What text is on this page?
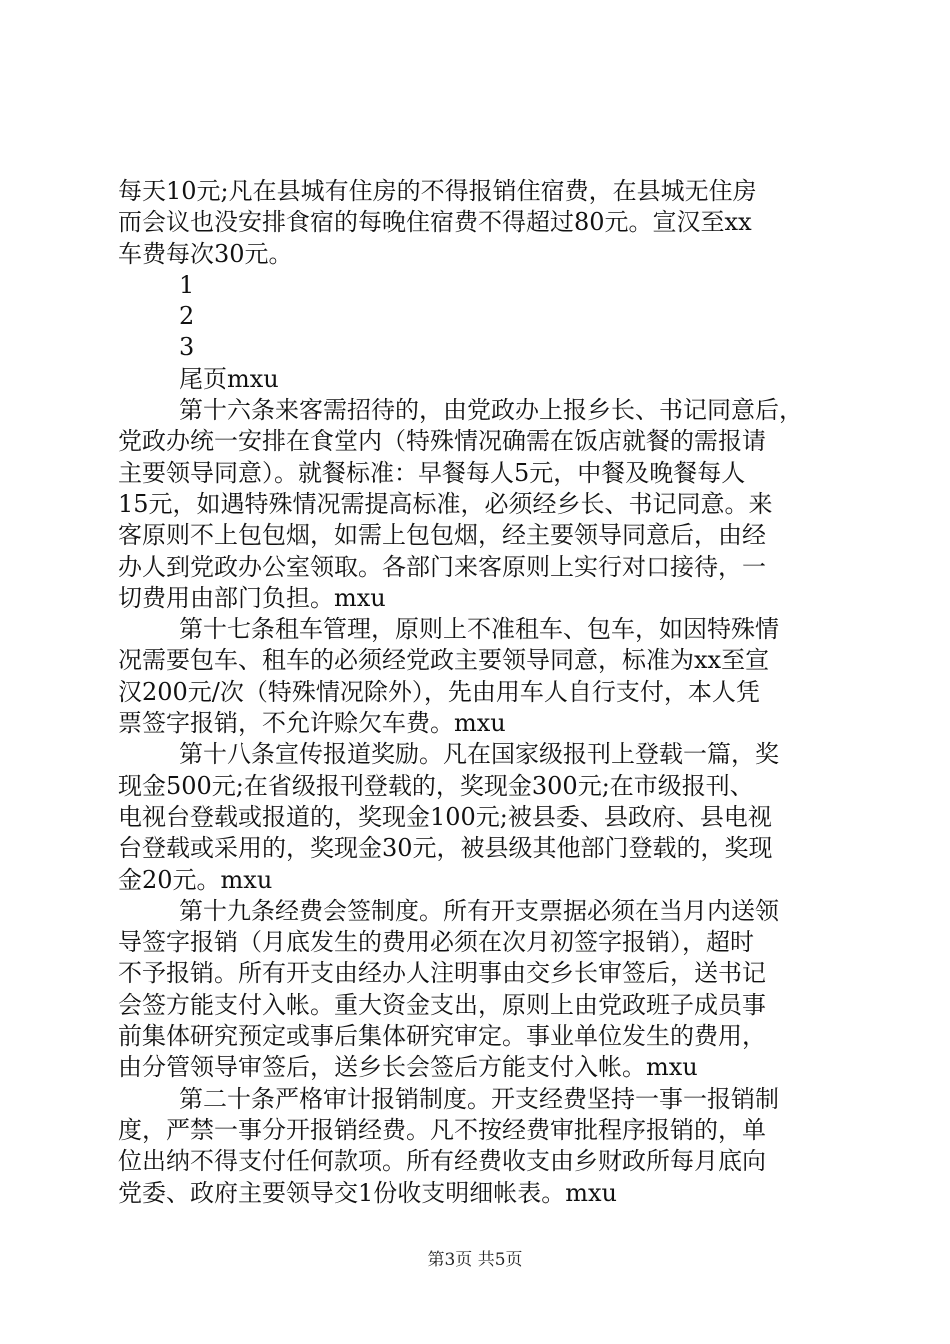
每天10元;凡在县城有住房的不得报销住宿费，在县城无住房
而会议也没安排食宿的每晚住宿费不得超过80元。宣汉至xx
车费每次30元。
1
2
3
尾页mxu
第十六条来客需招待的，由党政办上报乡长、书记同意后，
党政办统一安排在食堂内（特殊情况确需在饭店就餐的需报请
主要领导同意）。就餐标准：早餐每人5元，中餐及晚餐每人
15元，如遇特殊情况需提高标准，必须经乡长、书记同意。来
客原则不上包包烟，如需上包包烟，经主要领导同意后，由经
办人到党政办公室领取。各部门来客原则上实行对口接待，一
切费用由部门负担。mxu
第十七条租车管理，原则上不准租车、包车，如因特殊情
况需要包车、租车的必须经党政主要领导同意，标准为xx至宣
汉200元/次（特殊情况除外），先由用车人自行支付，本人凭
票签字报销，不允许赊欠车费。mxu
第十八条宣传报道奖励。凡在国家级报刊上登载一篇，奖
现金500元;在省级报刊登载的，奖现金300元;在市级报刊、
电视台登载或报道的，奖现金100元;被县委、县政府、县电视
台登载或采用的，奖现金30元，被县级其他部门登载的，奖现
金20元。mxu
第十九条经费会签制度。所有开支票据必须在当月内送领
导签字报销（月底发生的费用必须在次月初签字报销），超时
不予报销。所有开支由经办人注明事由交乡长审签后，送书记
会签方能支付入帐。重大资金支出，原则上由党政班子成员事
前集体研究预定或事后集体研究审定。事业单位发生的费用，
由分管领导审签后，送乡长会签后方能支付入帐。mxu
第二十条严格审计报销制度。开支经费坚持一事一报销制
度，严禁一事分开报销经费。凡不按经费审批程序报销的，单
位出纳不得支付任何款项。所有经费收支由乡财政所每月底向
党委、政府主要领导交1份收支明细帐表。mxu
第3页 共5页
